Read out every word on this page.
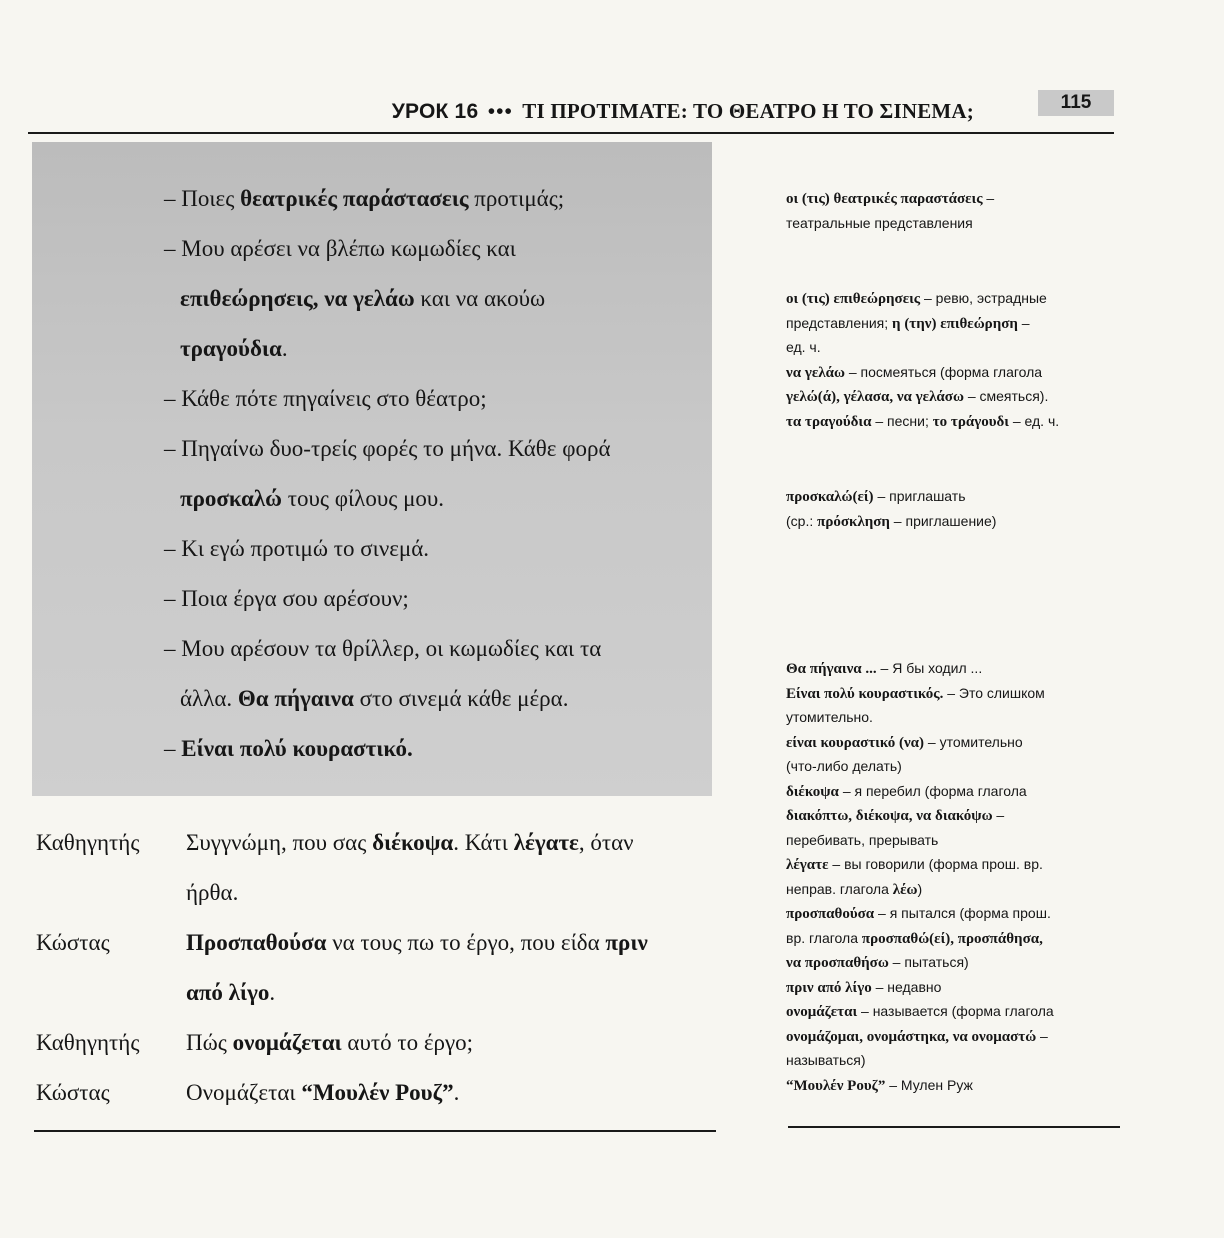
УРОК 16 ••• ΤΙ ΠΡΟΤΙΜΑΤΕ: ΤΟ ΘΕΑΤΡΟ Η ΤΟ ΣΙΝΕΜΑ;	115
– Ποιες θεατρικές παράστασεις προτιμάς;
– Μου αρέσει να βλέπω κωμωδίες και
επιθεώρησεις, να γελάω και να ακούω
τραγούδια.
– Κάθε πότε πηγαίνεις στο θέατρο;
– Πηγαίνω δυο-τρείς φορές το μήνα. Κάθε φορά
προσκαλώ τους φίλους μου.
– Κι εγώ προτιμώ το σινεμά.
– Ποια έργα σου αρέσουν;
– Μου αρέσουν τα θρίλλερ, οι κωμωδίες και τα
άλλα. Θα πήγαινα στο σινεμά κάθε μέρα.
– Είναι πολύ κουραστικό.
Καθηγητής Συγγνώμη, που σας διέκοψα. Κάτι λέγατε, όταν
ήρθα.
Κώστας	Προσπαθούσα να τους πω το έργο, που είδα πριν
από λίγο.
Καθηγητής Πώς ονομάζεται αυτό το έργο;
Κώστας	Ονομάζεται “Μουλέν Ρουζ”.
οι (τις) θεατρικές παραστάσεις –
театральные представления
οι (τις) επιθεώρησεις – ревю, эстрадные
представления; η (την) επιθεώρηση –
ед. ч.
να γελάω – посмеяться (форма глагола
γελώ(ά), γέλασα, να γελάσω – смеяться).
τα τραγούδια – песни; το τράγουδι – ед. ч.
προσκαλώ(εί) – приглашать
(ср.: πρόσκληση – приглашение)
Θα πήγαινα ... – Я бы ходил ...
Είναι πολύ κουραστικός. – Это слишком
утомительно.
είναι κουραστικό (να) – утомительно
(что-либо делать)
διέκοψα – я перебил (форма глагола
διακόπτω, διέκοψα, να διακόψω –
перебивать, прерывать
λέγατε – вы говорили (форма прош. вр.
неправ. глагола λέω)
προσπαθούσα – я пытался (форма прош.
вр. глагола προσπαθώ(εί), προσπάθησα,
να προσπαθήσω – пытаться)
πριν από λίγο – недавно
ονομάζεται – называется (форма глагола
ονομάζομαι, ονομάστηκα, να ονομαστώ –
называться)
“Μουλέν Ρουζ” – Мулен Руж
